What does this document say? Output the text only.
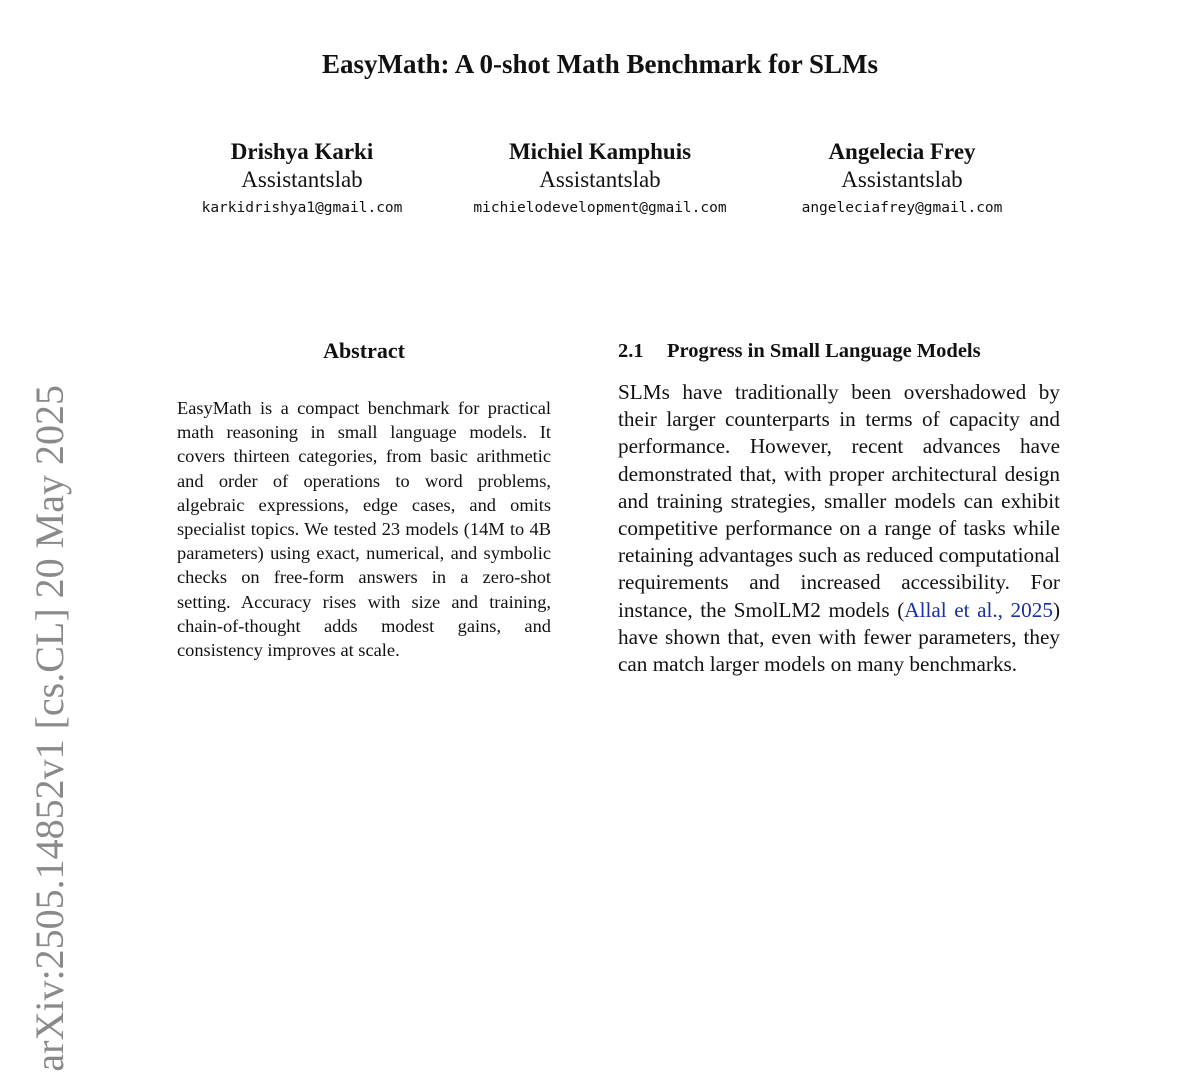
EasyMath: A 0-shot Math Benchmark for SLMs
Drishya Karki
Assistantslab
karkidrishya1@gmail.com
Michiel Kamphuis
Assistantslab
michielodevelopment@gmail.com
Angelecia Frey
Assistantslab
angeleciafrey@gmail.com
arXiv:2505.14852v1 [cs.CL] 20 May 2025
Abstract

EasyMath is a compact benchmark for practical math reasoning in small language models. It covers thirteen categories, from basic arithmetic and order of operations to word problems, algebraic expressions, edge cases, and omits specialist topics. We tested 23 models (14M to 4B parameters) using exact, numerical, and symbolic checks on free-form answers in a zero-shot setting. Accuracy rises with size and training, chain-of-thought adds modest gains, and consistency improves at scale.

2.1 Progress in Small Language Models

SLMs have traditionally been overshadowed by their larger counterparts in terms of capacity and performance. However, recent advances have demonstrated that, with proper architectural design and training strategies, smaller models can exhibit competitive performance on a range of tasks while retaining advantages such as reduced computational requirements and increased accessibility. For instance, the SmolLM2 models (Allal et al., 2025) have shown that, even with fewer parameters, they can match larger models on many benchmarks.
